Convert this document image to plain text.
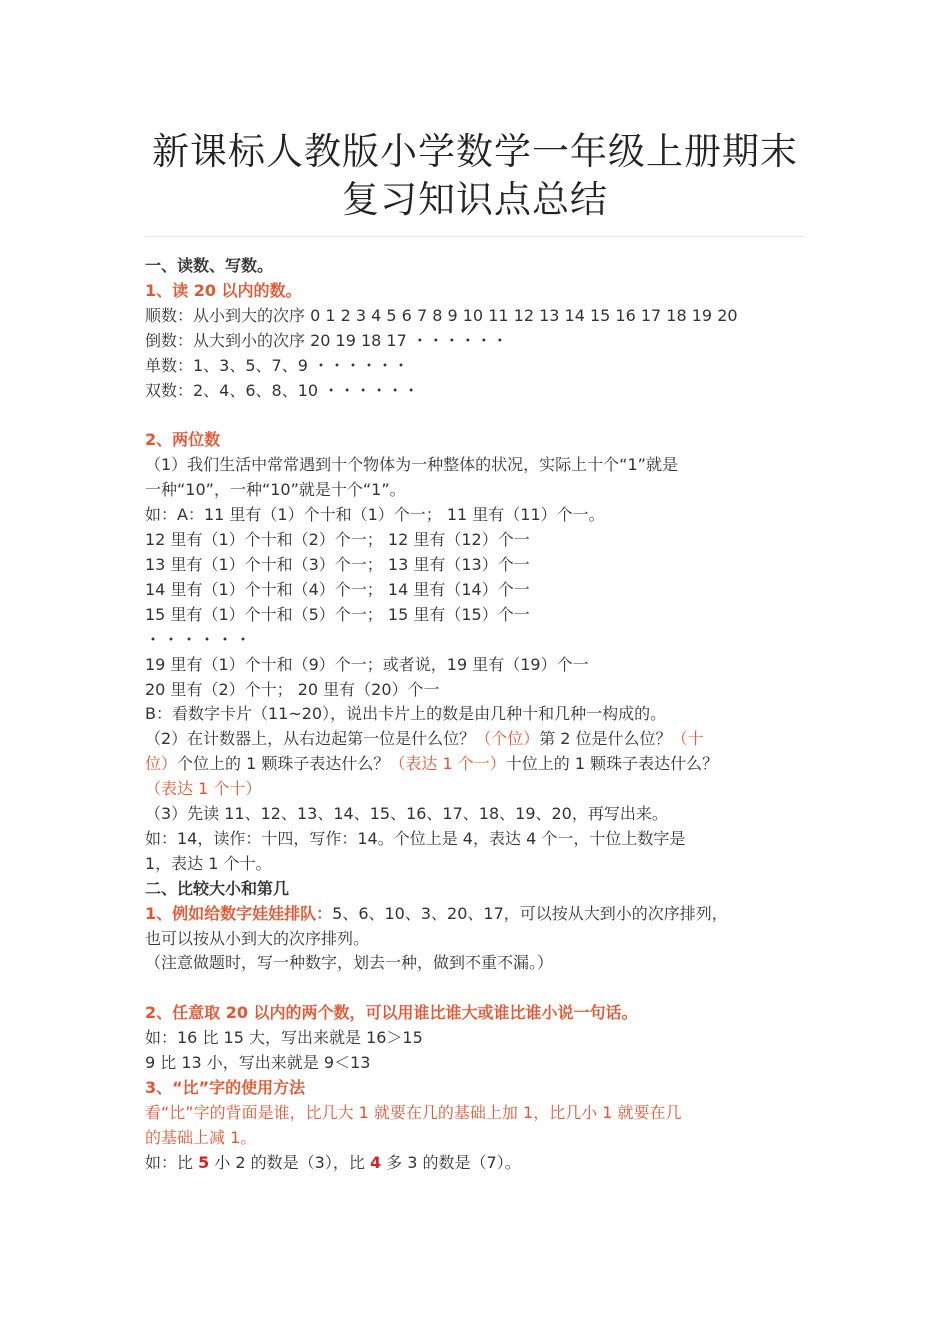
新课标人教版小学数学一年级上册期末
复习知识点总结
一、读数、写数。
1、读 20 以内的数。
顺数：从小到大的次序 0 1 2 3 4 5 6 7 8 9 10 11 12 13 14 15 16 17 18 19 20
倒数：从大到小的次序 20 19 18 17 ・・・・・・
单数：1、3、5、7、9 ・・・・・・
双数：2、4、6、8、10 ・・・・・・
2、两位数
（1）我们生活中常常遇到十个物体为一种整体的状况，实际上十个“1”就是
一种“10”，一种“10”就是十个“1”。
如：A：11 里有（1）个十和（1）个一； 11 里有（11）个一。
12 里有（1）个十和（2）个一； 12 里有（12）个一
13 里有（1）个十和（3）个一； 13 里有（13）个一
14 里有（1）个十和（4）个一； 14 里有（14）个一
15 里有（1）个十和（5）个一； 15 里有（15）个一
・・・・・・
19 里有（1）个十和（9）个一；或者说，19 里有（19）个一
20 里有（2）个十； 20 里有（20）个一
B：看数字卡片（11~20），说出卡片上的数是由几种十和几种一构成的。
（2）在计数器上，从右边起第一位是什么位？（个位）第 2 位是什么位？（十
位）个位上的 1 颗珠子表达什么？（表达 1 个一）十位上的 1 颗珠子表达什么？
（表达 1 个十）
（3）先读 11、12、13、14、15、16、17、18、19、20，再写出来。
如：14，读作：十四，写作：14。个位上是 4，表达 4 个一，十位上数字是
1，表达 1 个十。
二、比较大小和第几
1、例如给数字娃娃排队：5、6、10、3、20、17，可以按从大到小的次序排列，
也可以按从小到大的次序排列。
（注意做题时，写一种数字，划去一种，做到不重不漏。）
2、任意取 20 以内的两个数，可以用谁比谁大或谁比谁小说一句话。
如：16 比 15 大，写出来就是 16＞15
9 比 13 小，写出来就是 9＜13
3、“比”字的使用方法
看“比”字的背面是谁，比几大 1 就要在几的基础上加 1，比几小 1 就要在几
的基础上减 1。
如：比 5 小 2 的数是（3），比 4 多 3 的数是（7）。
